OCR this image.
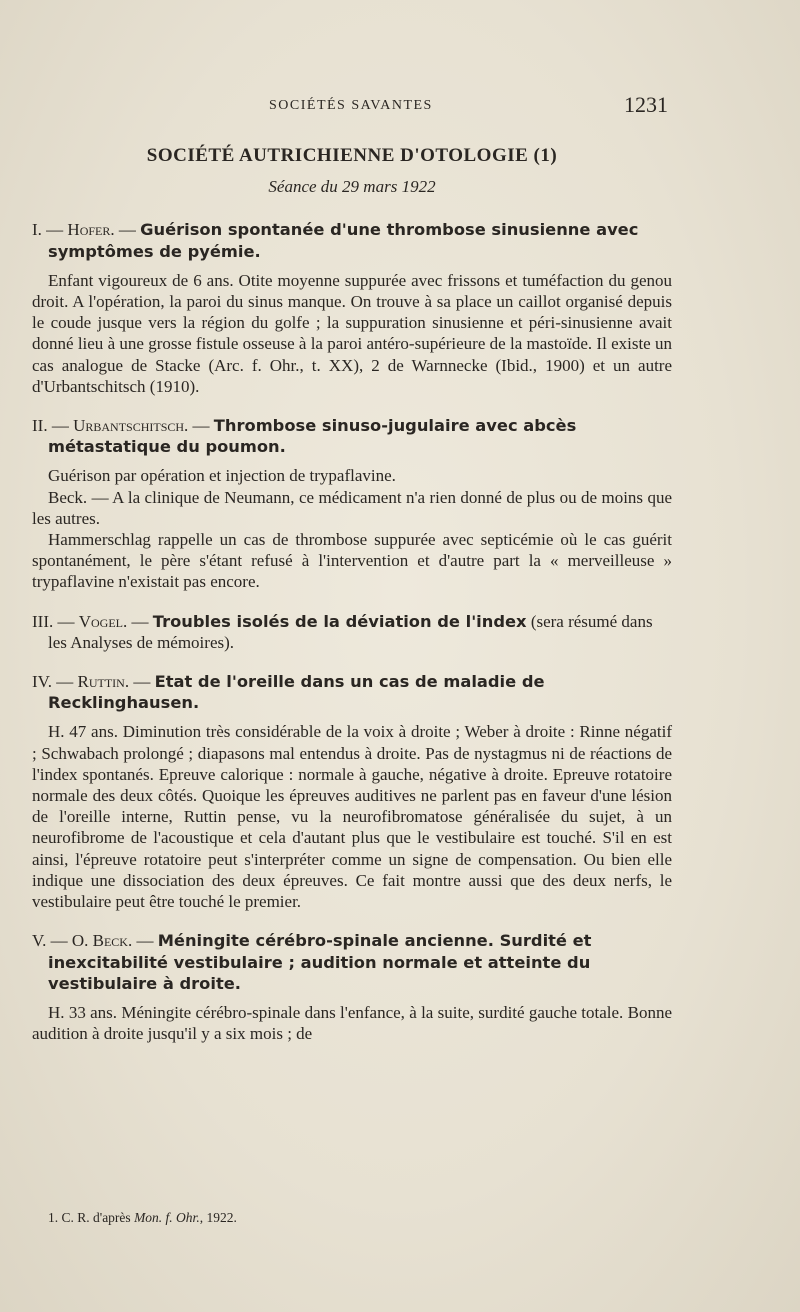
SOCIÉTÉS SAVANTES	1231
SOCIÉTÉ AUTRICHIENNE D'OTOLOGIE (1)

Séance du 29 mars 1922

I. — Hofer. — Guérison spontanée d'une thrombose sinusienne avec symptômes de pyémie.

Enfant vigoureux de 6 ans. Otite moyenne suppurée avec frissons et tuméfaction du genou droit. A l'opération, la paroi du sinus manque. On trouve à sa place un caillot organisé depuis le coude jusque vers la région du golfe ; la suppuration sinusienne et péri-sinusienne avait donné lieu à une grosse fistule osseuse à la paroi antéro-supérieure de la mastoïde. Il existe un cas analogue de Stacke (Arc. f. Ohr., t. XX), 2 de Warnnecke (Ibid., 1900) et un autre d'Urbantschitsch (1910).

II. — Urbantschitsch. — Thrombose sinuso-jugulaire avec abcès métastatique du poumon.

Guérison par opération et injection de trypaflavine.

Beck. — A la clinique de Neumann, ce médicament n'a rien donné de plus ou de moins que les autres.

Hammerschlag rappelle un cas de thrombose suppurée avec septicémie où le cas guérit spontanément, le père s'étant refusé à l'intervention et d'autre part la « merveilleuse » trypaflavine n'existait pas encore.

III. — Vogel. — Troubles isolés de la déviation de l'index (sera résumé dans les Analyses de mémoires).

IV. — Ruttin. — Etat de l'oreille dans un cas de maladie de Recklinghausen.

H. 47 ans. Diminution très considérable de la voix à droite ; Weber à droite : Rinne négatif ; Schwabach prolongé ; diapasons mal entendus à droite. Pas de nystagmus ni de réactions de l'index spontanés. Epreuve calorique : normale à gauche, négative à droite. Epreuve rotatoire normale des deux côtés. Quoique les épreuves auditives ne parlent pas en faveur d'une lésion de l'oreille interne, Ruttin pense, vu la neurofibromatose généralisée du sujet, à un neurofibrome de l'acoustique et cela d'autant plus que le vestibulaire est touché. S'il en est ainsi, l'épreuve rotatoire peut s'interpréter comme un signe de compensation. Ou bien elle indique une dissociation des deux épreuves. Ce fait montre aussi que des deux nerfs, le vestibulaire peut être touché le premier.

V. — O. Beck. — Méningite cérébro-spinale ancienne. Surdité et inexcitabilité vestibulaire ; audition normale et atteinte du vestibulaire à droite.

H. 33 ans. Méningite cérébro-spinale dans l'enfance, à la suite, surdité gauche totale. Bonne audition à droite jusqu'il y a six mois ; de

1. C. R. d'après Mon. f. Ohr., 1922.
